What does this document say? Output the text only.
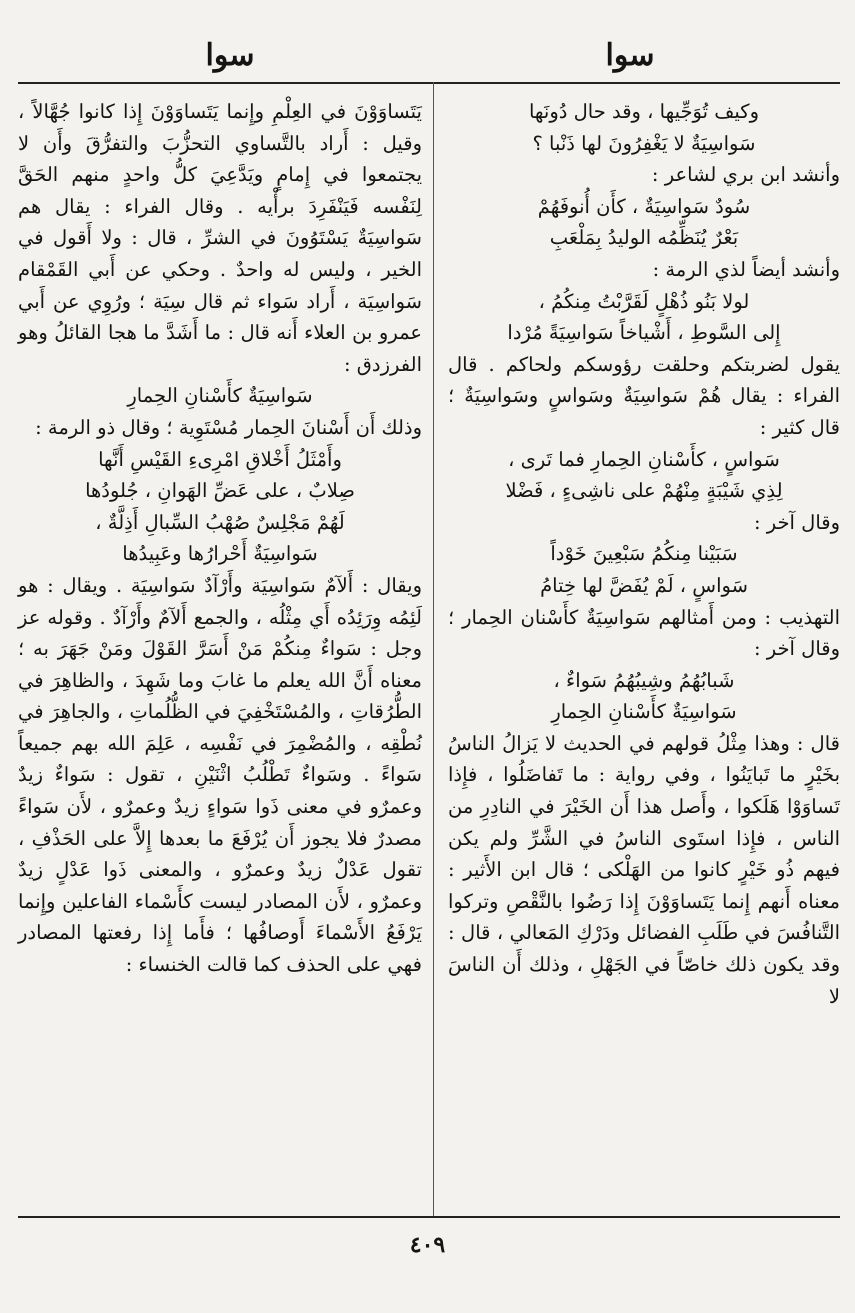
سوا
سوا

وكيف تُوَجِّيها ، وقد حال دُونَها

سَواسِيَةٌ لا يَغْفِرُونَ لها ذَنْبا ؟

وأنشد ابن بري لشاعر :

سُودٌ سَواسِيَةٌ ، كأَن أُنوفَهُمْ

بَعْرٌ يُنَظِّمُه الوليدُ بِمَلْعَبِ

وأنشد أيضاً لذي الرمة :

لولا بَنُو ذُهْلٍ لَقَرَّبْتُ مِنكُمُ ،

إِلى السَّوطِ ، أَشْياخاً سَواسِيَةً مُرْدا

يقول لضربتكم وحلقت رؤوسكم ولحاكم . قال الفراء : يقال هُمْ سَواسِيَةٌ وسَواسٍ وسَواسِيَةٌ ؛ قال كثير :

سَواسٍ ، كأَسْنانِ الحِمارِ فما تَرى ،

لِذِي شَيْبَةٍ مِنْهُمْ على ناشِىءٍ ، فَضْلا

وقال آخر :

سَبَيْنا مِنكُمُ سَبْعِينَ خَوْداً

سَواسٍ ، لَمْ يُفَضَّ لها خِتامُ

التهذيب : ومن أَمثالهم سَواسِيَةٌ كأَسْنان الحِمار ؛ وقال آخر :

شَبابُهُمُ وشِيبُهُمُ سَواءٌ ،

سَواسِيَةٌ كأَسْنانِ الحِمارِ

قال : وهذا مِثْلُ قولهم في الحديث لا يَزالُ الناسُ بخَيْرٍ ما تَبايَنُوا ، وفي رواية : ما تَفاضَلُوا ، فإِذا تَساوَوْا هَلَكوا ، وأَصل هذا أَن الخَيْرَ في النادِرِ من الناس ، فإِذا استَوى الناسُ في الشَّرِّ ولم يكن فيهم ذُو خَيْرٍ كانوا من الهَلْكى ؛ قال ابن الأَثير : معناه أَنهم إِنما يَتَساوَوْنَ إِذا رَضُوا بالنَّقْصِ وتركوا التَّنافُسَ في طَلَبِ الفضائل ودَرْكِ المَعالي ، قال : وقد يكون ذلك خاصّاً في الجَهْلِ ، وذلك أَن الناسَ لا

يَتَساوَوْنَ في العِلْمِ وإِنما يَتَساوَوْنَ إِذا كانوا جُهَّالاً ، وقيل : أَراد بالتَّساوي التحزُّبَ والتفرُّقَ وأَن لا يجتمعوا في إِمامٍ ويَدَّعِيَ كلُّ واحدٍ منهم الحَقَّ لِنَفْسه فَيَنْفَرِدَ برأْيه . وقال الفراء : يقال هم سَواسِيَةٌ يَسْتَوُونَ في الشرِّ ، قال : ولا أَقول في الخير ، وليس له واحدٌ . وحكي عن أَبي القَمْقام سَواسِيَة ، أَراد سَواء ثم قال سِيَة ؛ ورُوِي عن أَبي عمرو بن العلاء أَنه قال : ما أَشَدَّ ما هجا القائلُ وهو الفرزدق :

سَواسِيَةٌ كأَسْنانِ الحِمارِ

وذلك أَن أَسْنانَ الحِمار مُسْتَوِية ؛ وقال ذو الرمة :

وأَمْثَلُ أَخْلاقِ امْرِىءِ القَيْسِ أَنَّها

صِلابٌ ، على عَضِّ الهَوانِ ، جُلودُها

لَهُمْ مَجْلِسٌ صُهْبُ السِّبالِ أَذِلَّةٌ ،

سَواسِيَةٌ أَحْرارُها وعَبِيدُها

ويقال : أَلآمٌ سَواسِيَة وأَرْآدٌ سَواسِيَة . ويقال : هو لَئِمُه وِرَئِدُه أَي مِثْلُه ، والجمع أَلآمٌ وأَرْآدٌ . وقوله عز وجل : سَواءٌ مِنكُمْ مَنْ أَسَرَّ القَوْلَ ومَنْ جَهَرَ به ؛ معناه أَنَّ الله يعلم ما غابَ وما شَهِدَ ، والظاهِرَ في الطُّرُقاتِ ، والمُسْتَخْفِيَ في الظُّلُماتِ ، والجاهِرَ في نُطْقِه ، والمُضْمِرَ في نَفْسِه ، عَلِمَ الله بهم جميعاً سَواءً . وسَواءٌ تَطْلُبُ اثْنَيْنِ ، تقول : سَواءٌ زيدٌ وعمرٌو في معنى ذَوا سَواءٍ زيدٌ وعمرٌو ، لأَن سَواءً مصدرٌ فلا يجوز أَن يُرْفَعَ ما بعدها إِلاَّ على الحَذْفِ ، تقول عَدْلٌ زيدٌ وعمرٌو ، والمعنى ذَوا عَدْلٍ زيدٌ وعمرٌو ، لأَن المصادر ليست كأَسْماء الفاعلين وإِنما يَرْفَعُ الأَسْماءَ أَوصافُها ؛ فأَما إِذا رفعتها المصادر فهي على الحذف كما قالت الخنساء :

٤٠٩
